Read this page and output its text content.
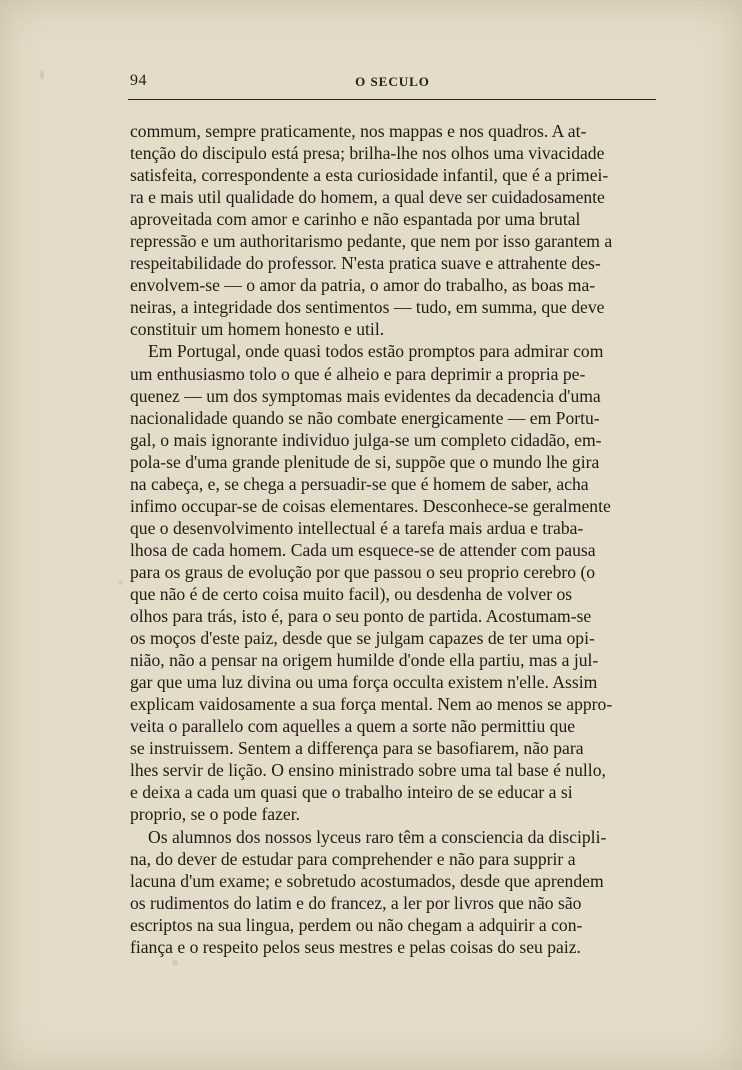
94	O SECULO

commum, sempre praticamente, nos mappas e nos quadros. A at-
tenção do discipulo está presa; brilha-lhe nos olhos uma vivacidade
satisfeita, correspondente a esta curiosidade infantil, que é a primei-
ra e mais util qualidade do homem, a qual deve ser cuidadosamente
aproveitada com amor e carinho e não espantada por uma brutal
repressão e um authoritarismo pedante, que nem por isso garantem a
respeitabilidade do professor. N'esta pratica suave e attrahente des-
envolvem-se — o amor da patria, o amor do trabalho, as boas ma-
neiras, a integridade dos sentimentos — tudo, em summa, que deve
constituir um homem honesto e util.

Em Portugal, onde quasi todos estão promptos para admirar com
um enthusiasmo tolo o que é alheio e para deprimir a propria pe-
quenez — um dos symptomas mais evidentes da decadencia d'uma
nacionalidade quando se não combate energicamente — em Portu-
gal, o mais ignorante individuo julga-se um completo cidadão, em-
pola-se d'uma grande plenitude de si, suppõe que o mundo lhe gira
na cabeça, e, se chega a persuadir-se que é homem de saber, acha
infimo occupar-se de coisas elementares. Desconhece-se geralmente
que o desenvolvimento intellectual é a tarefa mais ardua e traba-
lhosa de cada homem. Cada um esquece-se de attender com pausa
para os graus de evolução por que passou o seu proprio cerebro (o
que não é de certo coisa muito facil), ou desdenha de volver os
olhos para trás, isto é, para o seu ponto de partida. Acostumam-se
os moços d'este paiz, desde que se julgam capazes de ter uma opi-
nião, não a pensar na origem humilde d'onde ella partiu, mas a jul-
gar que uma luz divina ou uma força occulta existem n'elle. Assim
explicam vaidosamente a sua força mental. Nem ao menos se appro-
veita o parallelo com aquelles a quem a sorte não permittiu que
se instruissem. Sentem a differença para se basofiarem, não para
lhes servir de lição. O ensino ministrado sobre uma tal base é nullo,
e deixa a cada um quasi que o trabalho inteiro de se educar a si
proprio, se o pode fazer.

Os alumnos dos nossos lyceus raro têm a consciencia da discipli-
na, do dever de estudar para comprehender e não para supprir a
lacuna d'um exame; e sobretudo acostumados, desde que aprendem
os rudimentos do latim e do francez, a ler por livros que não são
escriptos na sua lingua, perdem ou não chegam a adquirir a con-
fiança e o respeito pelos seus mestres e pelas coisas do seu paiz.
